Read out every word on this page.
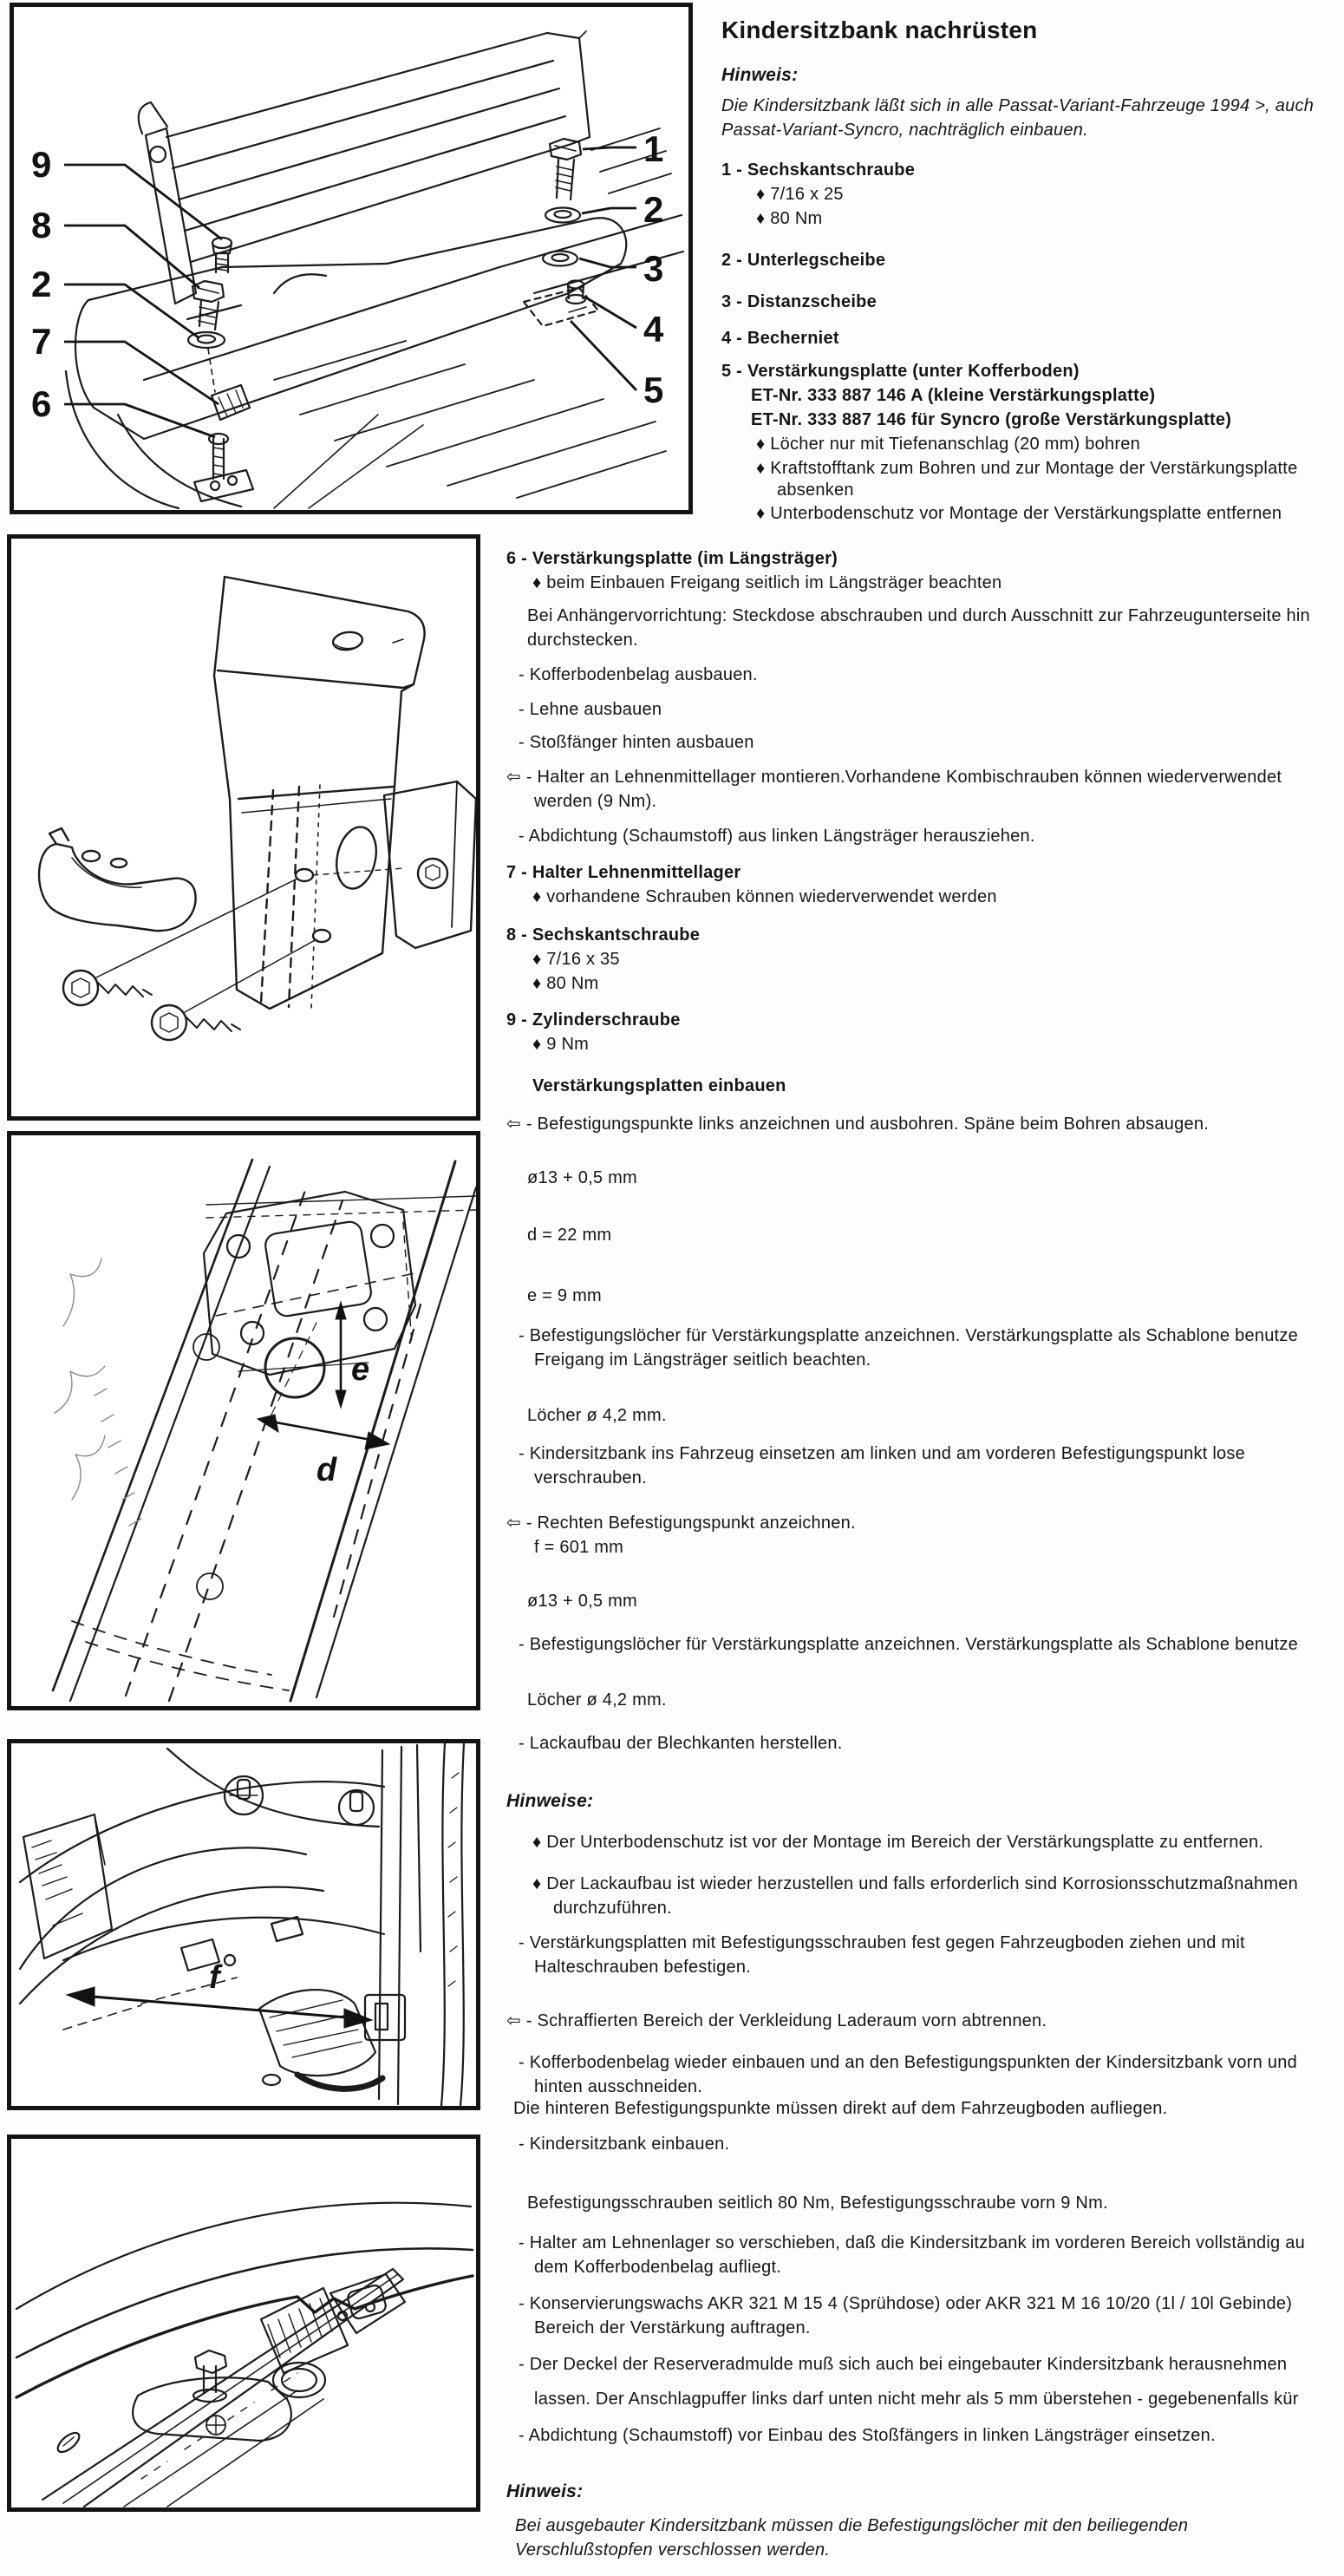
9
8
2
7
6
1
2
3
4
5
e
d
f
Kindersitzbank nachrüsten
Hinweis:
Die Kindersitzbank läßt sich in alle Passat-Variant-Fahrzeuge 1994 >, auch
Passat-Variant-Syncro, nachträglich einbauen.
1 - Sechskantschraube
♦ 7/16 x 25
♦ 80 Nm
2 - Unterlegscheibe
3 - Distanzscheibe
4 - Becherniet
5 - Verstärkungsplatte (unter Kofferboden)
ET-Nr. 333 887 146 A (kleine Verstärkungsplatte)
ET-Nr. 333 887 146 für Syncro (große Verstärkungsplatte)
♦ Löcher nur mit Tiefenanschlag (20 mm) bohren
♦ Kraftstofftank zum Bohren und zur Montage der Verstärkungsplatte
absenken
♦ Unterbodenschutz vor Montage der Verstärkungsplatte entfernen
6 - Verstärkungsplatte (im Längsträger)
♦ beim Einbauen Freigang seitlich im Längsträger beachten
Bei Anhängervorrichtung: Steckdose abschrauben und durch Ausschnitt zur Fahrzeugunterseite hin
durchstecken.
- Kofferbodenbelag ausbauen.
- Lehne ausbauen
- Stoßfänger hinten ausbauen
⇦ - Halter an Lehnenmittellager montieren.Vorhandene Kombischrauben können wiederverwendet
werden (9 Nm).
- Abdichtung (Schaumstoff) aus linken Längsträger herausziehen.
7 - Halter Lehnenmittellager
♦ vorhandene Schrauben können wiederverwendet werden
8 - Sechskantschraube
♦ 7/16 x 35
♦ 80 Nm
9 - Zylinderschraube
♦ 9 Nm
Verstärkungsplatten einbauen
⇦ - Befestigungspunkte links anzeichnen und ausbohren. Späne beim Bohren absaugen.
ø13 + 0,5 mm
d = 22 mm
e = 9 mm
- Befestigungslöcher für Verstärkungsplatte anzeichnen. Verstärkungsplatte als Schablone benutze
Freigang im Längsträger seitlich beachten.
Löcher ø 4,2 mm.
- Kindersitzbank ins Fahrzeug einsetzen am linken und am vorderen Befestigungspunkt lose
verschrauben.
⇦ - Rechten Befestigungspunkt anzeichnen.
f = 601 mm
ø13 + 0,5 mm
- Befestigungslöcher für Verstärkungsplatte anzeichnen. Verstärkungsplatte als Schablone benutze
Löcher ø 4,2 mm.
- Lackaufbau der Blechkanten herstellen.
Hinweise:
♦ Der Unterbodenschutz ist vor der Montage im Bereich der Verstärkungsplatte zu entfernen.
♦ Der Lackaufbau ist wieder herzustellen und falls erforderlich sind Korrosionsschutzmaßnahmen
durchzuführen.
- Verstärkungsplatten mit Befestigungsschrauben fest gegen Fahrzeugboden ziehen und mit
Halteschrauben befestigen.
⇦ - Schraffierten Bereich der Verkleidung Laderaum vorn abtrennen.
- Kofferbodenbelag wieder einbauen und an den Befestigungspunkten der Kindersitzbank vorn und
hinten ausschneiden.
Die hinteren Befestigungspunkte müssen direkt auf dem Fahrzeugboden aufliegen.
- Kindersitzbank einbauen.
Befestigungsschrauben seitlich 80 Nm, Befestigungsschraube vorn 9 Nm.
- Halter am Lehnenlager so verschieben, daß die Kindersitzbank im vorderen Bereich vollständig au
dem Kofferbodenbelag aufliegt.
- Konservierungswachs AKR 321 M 15 4 (Sprühdose) oder AKR 321 M 16 10/20 (1l / 10l Gebinde)
Bereich der Verstärkung auftragen.
- Der Deckel der Reserveradmulde muß sich auch bei eingebauter Kindersitzbank herausnehmen
lassen. Der Anschlagpuffer links darf unten nicht mehr als 5 mm überstehen - gegebenenfalls kür
- Abdichtung (Schaumstoff) vor Einbau des Stoßfängers in linken Längsträger einsetzen.
Hinweis:
Bei ausgebauter Kindersitzbank müssen die Befestigungslöcher mit den beiliegenden
Verschlußstopfen verschlossen werden.
